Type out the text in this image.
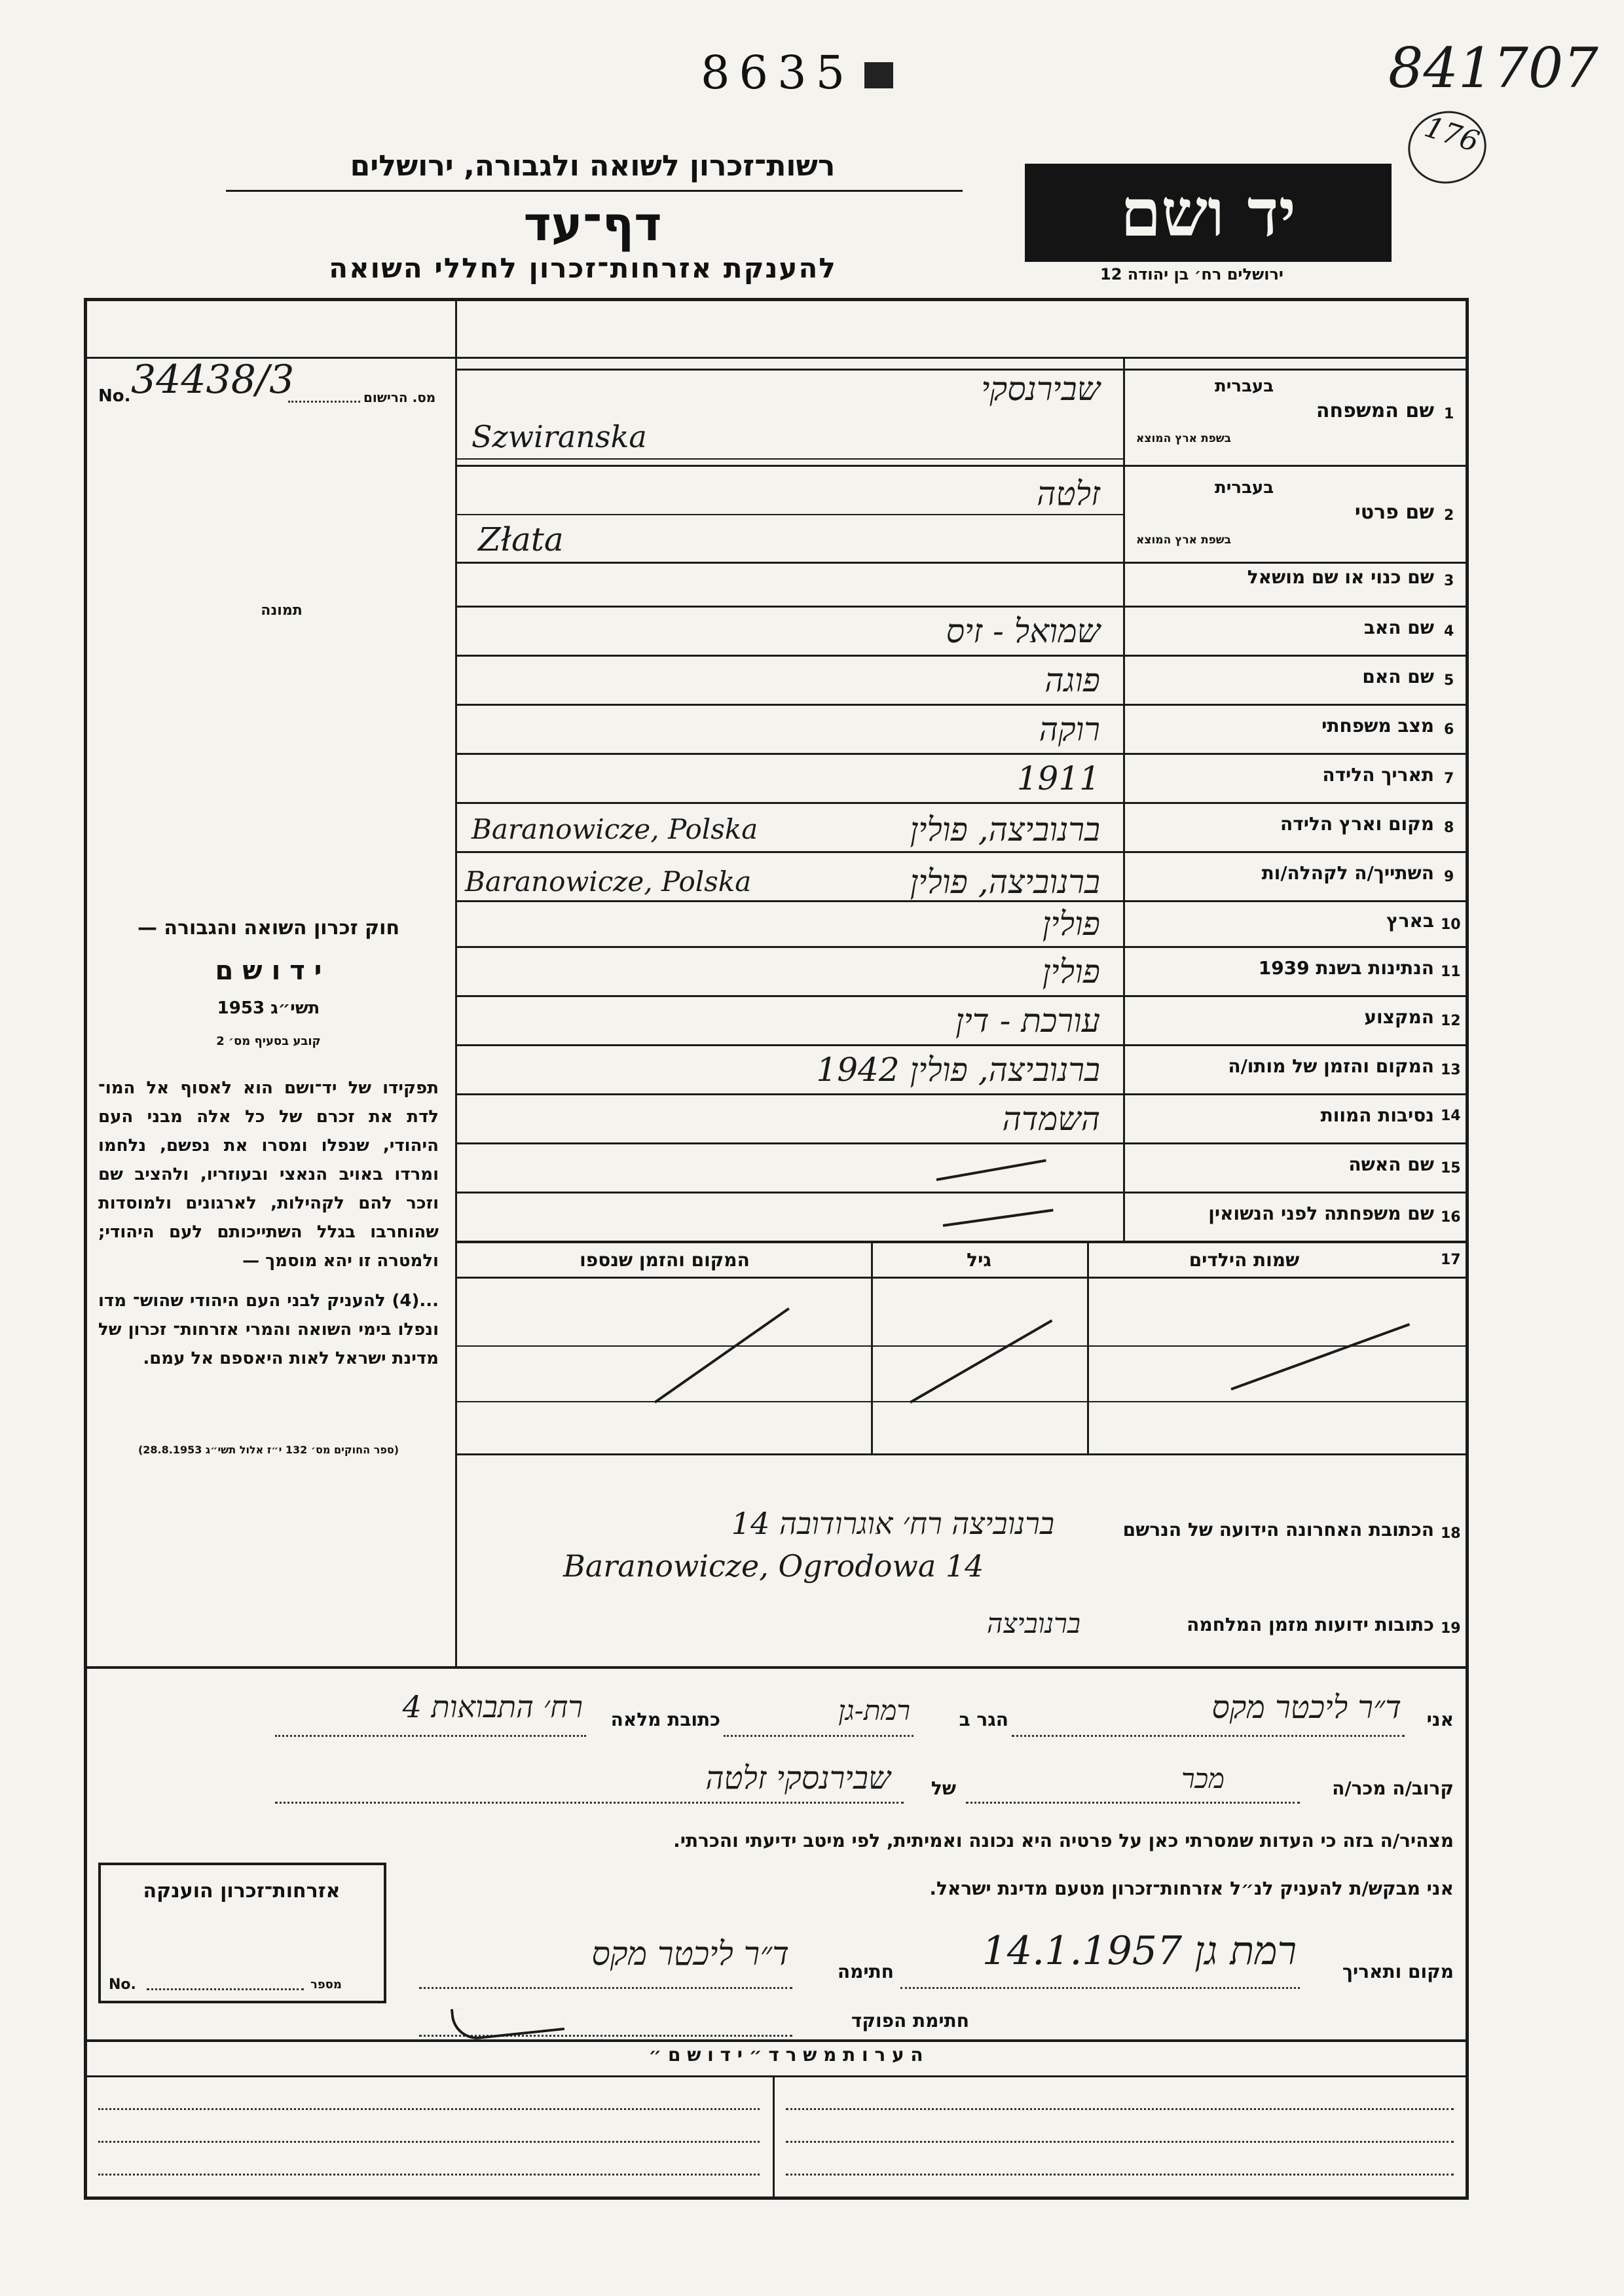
8635	841707
176
רשות־זכרון לשואה ולגבורה, ירושלים
דף־עד
להענקת אזרחות־זכרון לחללי השואה
יד ושם
ירושלים רח׳ בן יהודה 12
No. 34438/3	מס. הרישום
תמונה
חוק זכרון השואה והגבורה —
י ד ו ש ם
תשי״ג 1953
קובע בסעיף מס׳ 2
תפקידו של יד־ושם הוא לאסוף אל המו־ לדת את זכרם של כל אלה מבני העם היהודי, שנפלו ומסרו את נפשם, נלחמו ומרדו באויב הנאצי ובעוזריו, ולהציב שם וזכר להם לקהילות, לארגונים ולמוסדות שהוחרבו בגלל השתייכותם לעם היהודי; ולמטרה זו יהא מוסמך —
...(4) להעניק לבני העם היהודי שהוש־ מדו ונפלו בימי השואה והמרי אזרחות־ זכרון של מדינת ישראל לאות היאספם אל עמם.
(ספר החוקים מס׳ 132 י״ז אלול תשי״ג 28.8.1953)
1
שם המשפחה
בעברית
בשפת ארץ המוצא
שבירנסקי
Szwiranska
2
שם פרטי
בעברית
בשפת ארץ המוצא
זלטה
Złata
3
שם כנוי או שם מושאל
4
שם האב
שמואל - זיס
5
שם האם
פוגה
6
מצב משפחתי
רוקה
7
תאריך הלידה
1911
8
מקום וארץ הלידה
ברנוביצה, פולין
Baranowicze, Polska
9
השתייך/ה לקהלה/ות
ברנוביצה, פולין
Baranowicze, Polska
10
בארץ
פולין
11
הנתינות בשנת 1939
פולין
12
המקצוע
עורכת - דין
13
המקום והזמן של מותו/ה
ברנוביצה, פולין 1942
14
נסיבות המוות
השמדה
15
שם האשה
16
שם משפחתה לפני הנשואין
17
שמות הילדים
גיל
המקום והזמן שנספו
18
הכתובת האחרונה הידועה של הנרשם
ברנוביצה רח׳ אוגרודובה 14
Baranowicze, Ogrodowa 14
19
כתובות ידועות מזמן המלחמה
ברנוביצה
אני
ד״ר ליכטר מקס
הגר ב
רמת-גן
כתובת מלאה
רח׳ התבואות 4
קרוב/ה מכר/ה
מכר
של
שבירנסקי זלטה
מצהיר/ה בזה כי העדות שמסרתי כאן על פרטיה היא נכונה ואמיתית, לפי מיטב ידיעתי והכרתי.
אני מבקש/ת להעניק לנ״ל אזרחות־זכרון מטעם מדינת ישראל.
מקום ותאריך
רמת גן 14.1.1957
חתימה
ד״ר ליכטר מקס
חתימת הפוקד
אזרחות־זכרון הוענקה
No.	מספר
ה ע ר ו ת מ ש ר ד ״ י ד ו ש ם ״
